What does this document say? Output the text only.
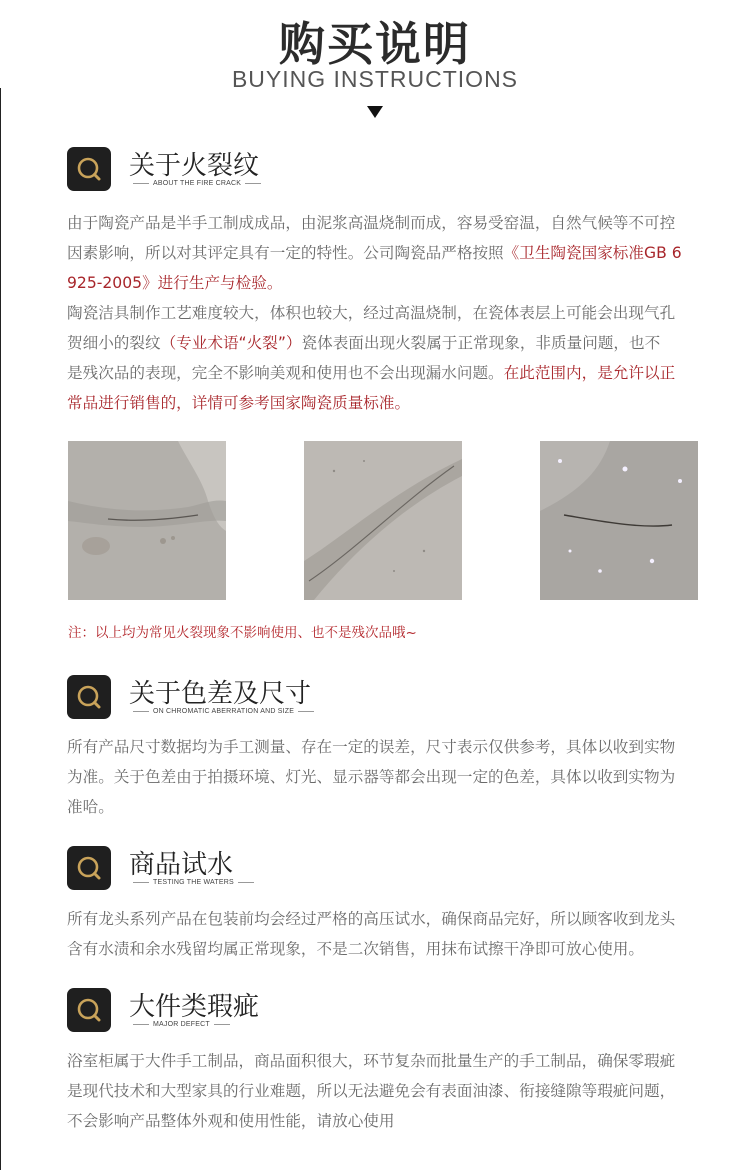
购买说明
BUYING INSTRUCTIONS
关于火裂纹
ABOUT THE FIRE CRACK
由于陶瓷产品是半手工制成成品，由泥浆高温烧制而成，容易受窑温，自然气候等不可控
因素影响，所以对其评定具有一定的特性。公司陶瓷品严格按照《卫生陶瓷国家标准GB 6
925-2005》进行生产与检验。
陶瓷洁具制作工艺难度较大，体积也较大，经过高温烧制，在瓷体表层上可能会出现气孔
贺细小的裂纹（专业术语“火裂”）瓷体表面出现火裂属于正常现象，非质量问题，也不
是残次品的表现，完全不影响美观和使用也不会出现漏水问题。在此范围内，是允许以正
常品进行销售的，详情可参考国家陶瓷质量标准。
注：以上均为常见火裂现象不影响使用、也不是残次品哦~
关于色差及尺寸
ON CHROMATIC ABERRATION AND SIZE
所有产品尺寸数据均为手工测量、存在一定的误差，尺寸表示仅供参考，具体以收到实物
为准。关于色差由于拍摄环境、灯光、显示器等都会出现一定的色差，具体以收到实物为
准哈。
商品试水
TESTING THE WATERS
所有龙头系列产品在包装前均会经过严格的高压试水，确保商品完好，所以顾客收到龙头
含有水渍和余水残留均属正常现象，不是二次销售，用抹布试擦干净即可放心使用。
大件类瑕疵
MAJOR DEFECT
浴室柜属于大件手工制品，商品面积很大，环节复杂而批量生产的手工制品，确保零瑕疵
是现代技术和大型家具的行业难题，所以无法避免会有表面油漆、衔接缝隙等瑕疵问题，
不会影响产品整体外观和使用性能，请放心使用
